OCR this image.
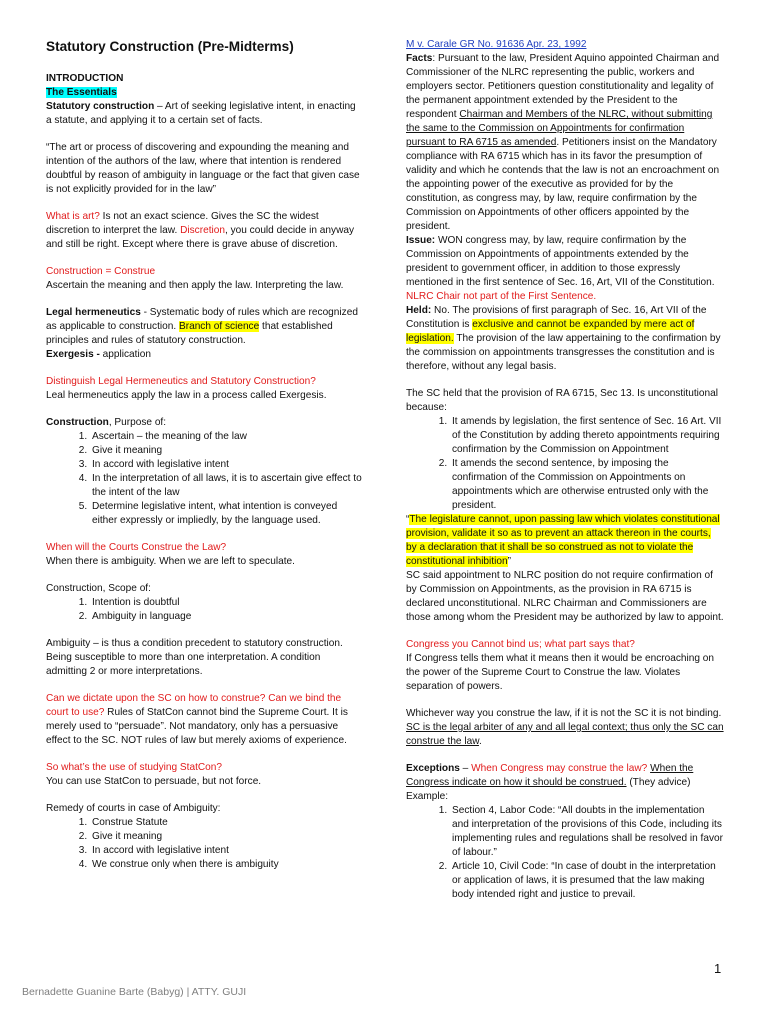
Statutory Construction (Pre-Midterms)

INTRODUCTION

The Essentials

Statutory construction – Art of seeking legislative intent, in enacting a statute, and applying it to a certain set of facts.

“The art or process of discovering and expounding the meaning and intention of the authors of the law, where that intention is rendered doubtful by reason of ambiguity in language or the fact that given case is not explicitly provided for in the law”

What is art? Is not an exact science. Gives the SC the widest discretion to interpret the law. Discretion, you could decide in anyway and still be right. Except where there is grave abuse of discretion.

Construction = Construe

Ascertain the meaning and then apply the law. Interpreting the law.

Legal hermeneutics - Systematic body of rules which are recognized as applicable to construction. Branch of science that established principles and rules of statutory construction.

Exergesis - application

Distinguish Legal Hermeneutics and Statutory Construction?

Leal hermeneutics apply the law in a process called Exergesis.

Construction, Purpose of:

1. Ascertain – the meaning of the law
2. Give it meaning
3. In accord with legislative intent
4. In the interpretation of all laws, it is to ascertain give effect to the intent of the law
5. Determine legislative intent, what intention is conveyed either expressly or impliedly, by the language used.

When will the Courts Construe the Law?

When there is ambiguity. When we are left to speculate.

Construction, Scope of:

1. Intention is doubtful
2. Ambiguity in language

Ambiguity – is thus a condition precedent to statutory construction. Being susceptible to more than one interpretation. A condition admitting 2 or more interpretations.

Can we dictate upon the SC on how to construe? Can we bind the court to use? Rules of StatCon cannot bind the Supreme Court. It is merely used to “persuade”. Not mandatory, only has a persuasive effect to the SC. NOT rules of law but merely axioms of experience.

So what’s the use of studying StatCon?

You can use StatCon to persuade, but not force.

Remedy of courts in case of Ambiguity:

1. Construe Statute
2. Give it meaning
3. In accord with legislative intent
4. We construe only when there is ambiguity

M v. Carale GR No. 91636 Apr. 23, 1992

Facts: Pursuant to the law, President Aquino appointed Chairman and Commissioner of the NLRC representing the public, workers and employers sector. Petitioners question constitutionality and legality of the permanent appointment extended by the President to the respondent Chairman and Members of the NLRC, without submitting the same to the Commission on Appointments for confirmation pursuant to RA 6715 as amended. Petitioners insist on the Mandatory compliance with RA 6715 which has in its favor the presumption of validity and which he contends that the law is not an encroachment on the appointing power of the executive as provided for by the constitution, as congress may, by law, require confirmation by the Commission on Appointments of other officers appointed by the president.

Issue: WON congress may, by law, require confirmation by the Commission on Appointments of appointments extended by the president to government officer, in addition to those expressly mentioned in the first sentence of Sec. 16, Art, VII of the Constitution. NLRC Chair not part of the First Sentence.

Held: No. The provisions of first paragraph of Sec. 16, Art VII of the Constitution is exclusive and cannot be expanded by mere act of legislation. The provision of the law appertaining to the confirmation by the commission on appointments transgresses the constitution and is therefore, without any legal basis.

The SC held that the provision of RA 6715, Sec 13. Is unconstitutional because:

1. It amends by legislation, the first sentence of Sec. 16 Art. VII of the Constitution by adding thereto appointments requiring confirmation by the Commission on Appointment
2. It amends the second sentence, by imposing the confirmation of the Commission on Appointments on appointments which are otherwise entrusted only with the president.

“The legislature cannot, upon passing law which violates constitutional provision, validate it so as to prevent an attack thereon in the courts, by a declaration that it shall be so construed as not to violate the constitutional inhibition”

SC said appointment to NLRC position do not require confirmation of by Commission on Appointments, as the provision in RA 6715 is declared unconstitutional. NLRC Chairman and Commissioners are those among whom the President may be authorized by law to appoint.

Congress you Cannot bind us; what part says that?

If Congress tells them what it means then it would be encroaching on the power of the Supreme Court to Construe the law. Violates separation of powers.

Whichever way you construe the law, if it is not the SC it is not binding. SC is the legal arbiter of any and all legal context; thus only the SC can construe the law.

Exceptions – When Congress may construe the law? When the Congress indicate on how it should be construed. (They advice)

Example:

1. Section 4, Labor Code: “All doubts in the implementation and interpretation of the provisions of this Code, including its implementing rules and regulations shall be resolved in favor of labour.”
2. Article 10, Civil Code: “In case of doubt in the interpretation or application of laws, it is presumed that the law making body intended right and justice to prevail.
1
Bernadette Guanine Barte (Babyg) | ATTY. GUJI
